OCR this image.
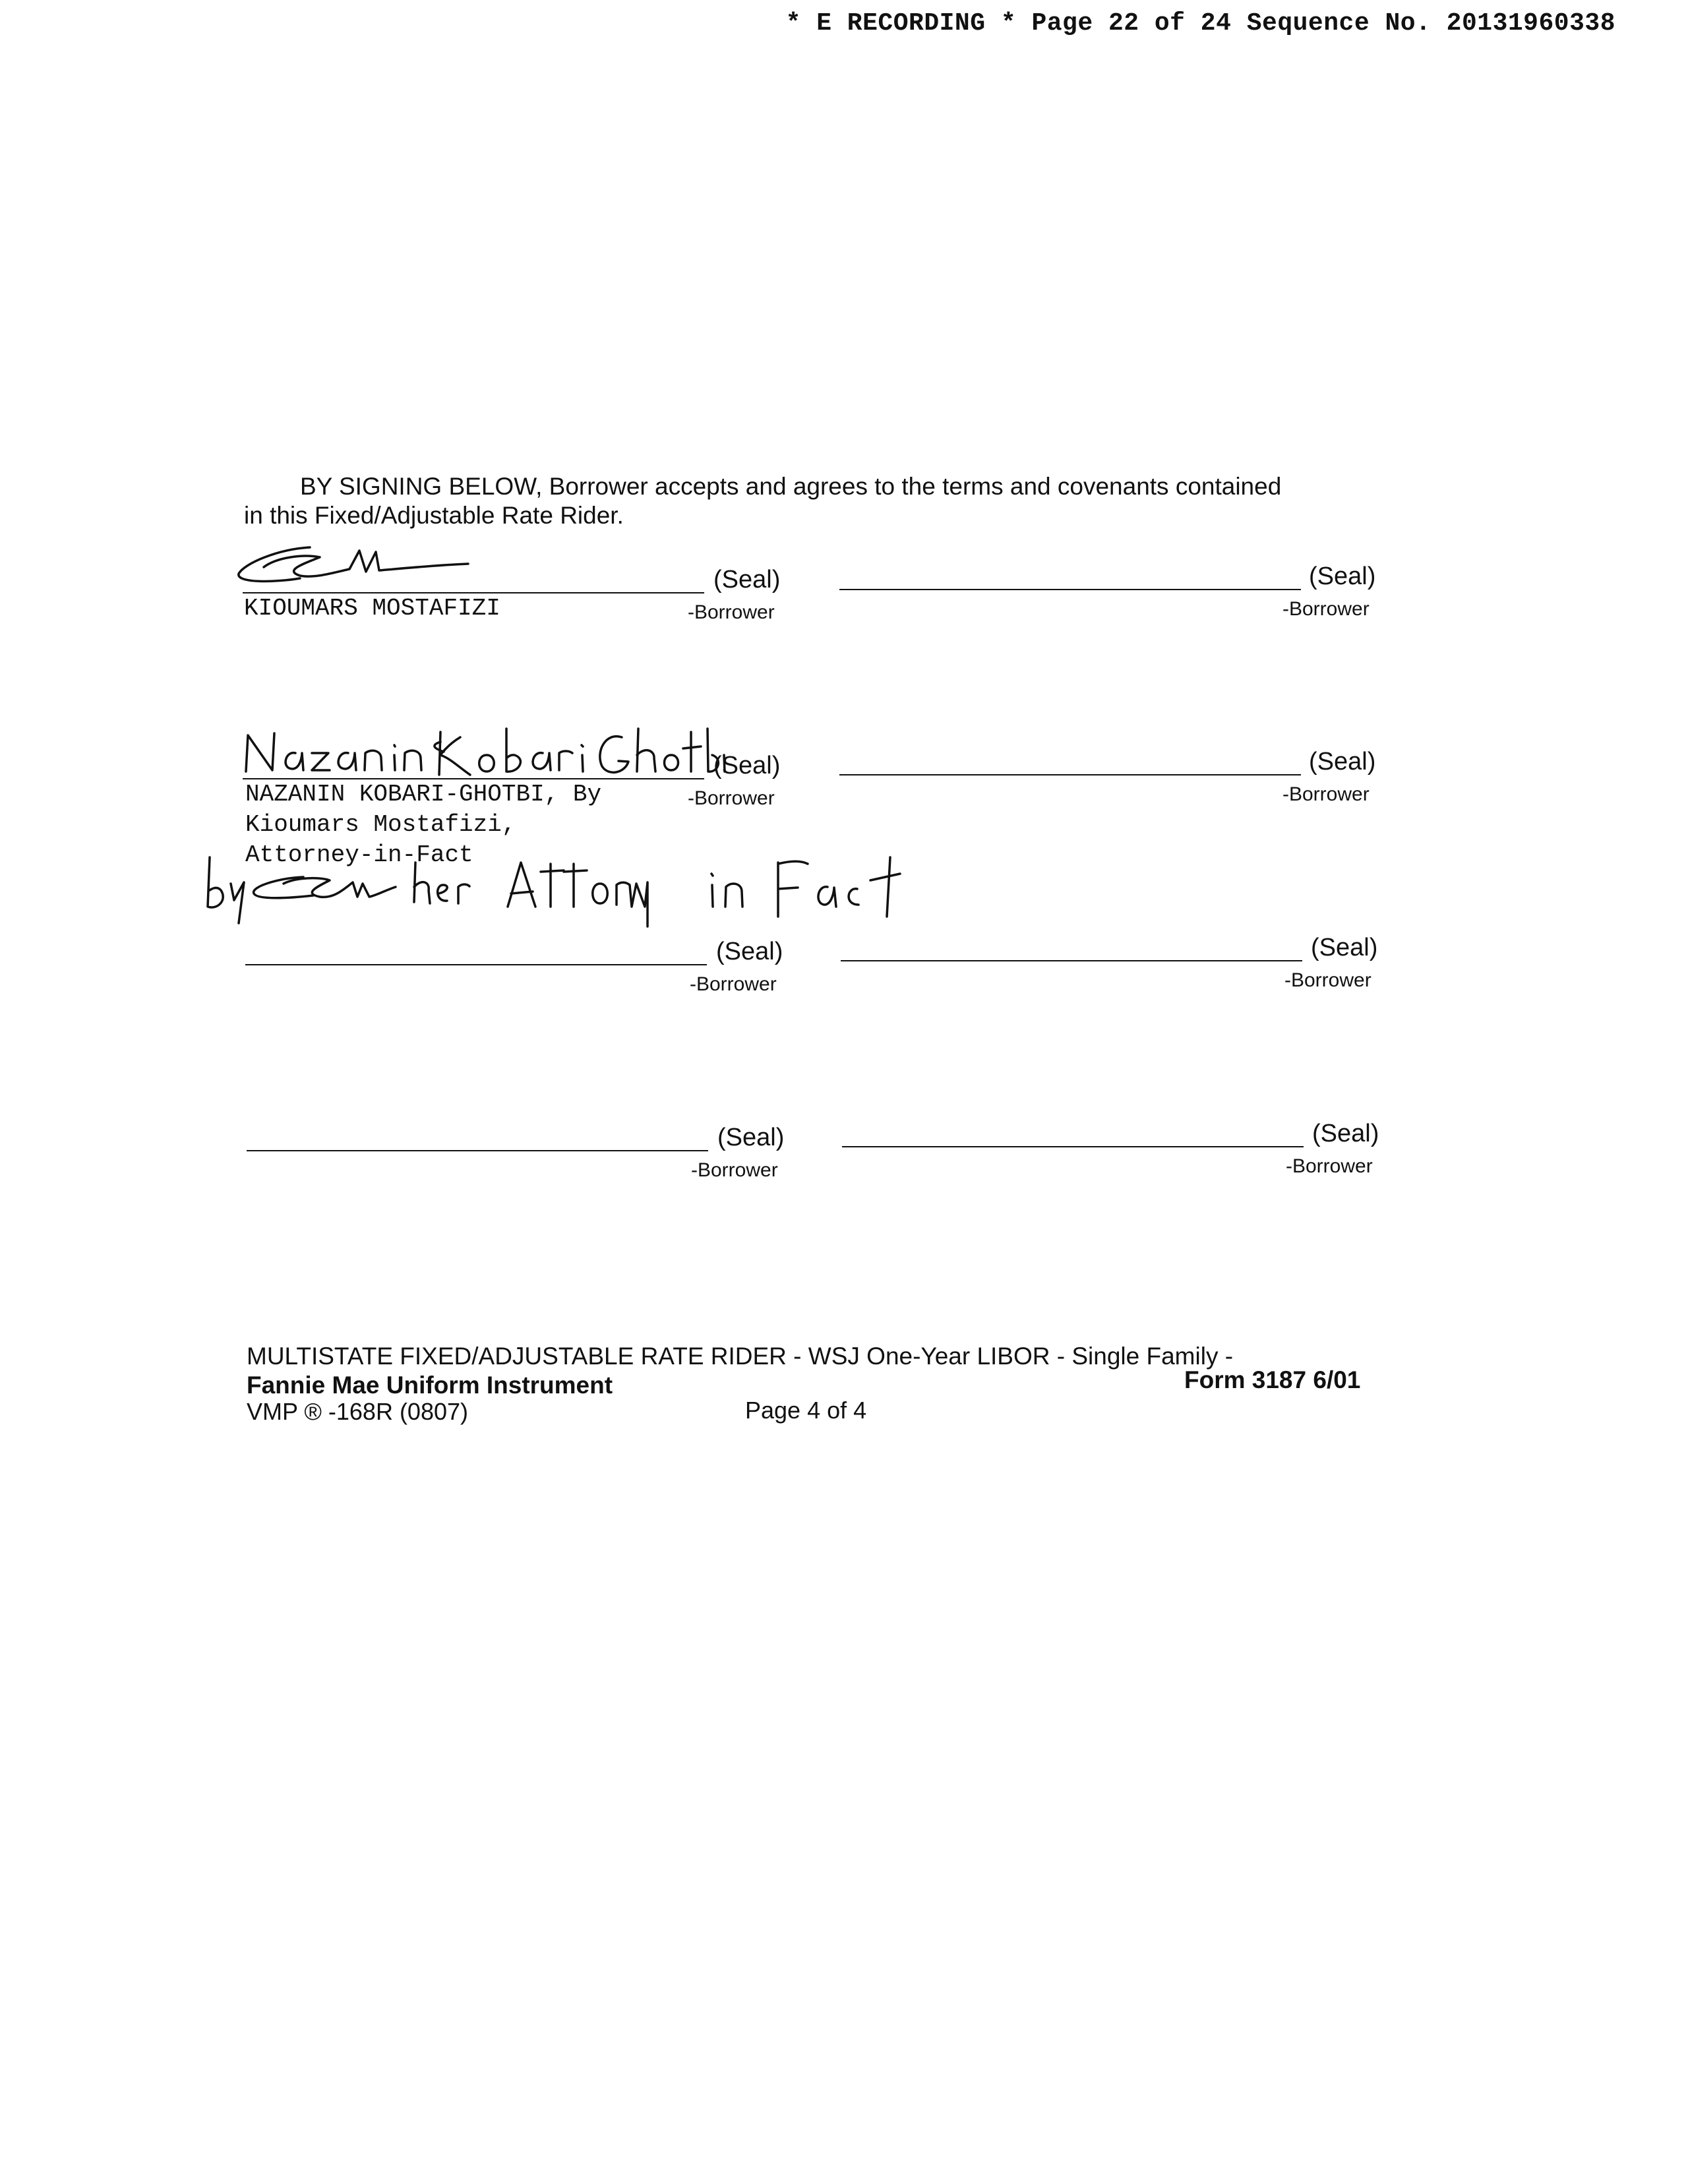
* E RECORDING * Page 22 of 24 Sequence No. 20131960338
BY SIGNING BELOW, Borrower accepts and agrees to the terms and covenants contained
in this Fixed/Adjustable Rate Rider.
(Seal)
KIOUMARS MOSTAFIZI	-Borrower
(Seal)
-Borrower
(Seal)
NAZANIN KOBARI-GHOTBI, By
Kioumars Mostafizi,
Attorney-in-Fact
-Borrower
(Seal)
-Borrower
(Seal)
-Borrower
(Seal)
-Borrower
(Seal)
-Borrower
(Seal)
-Borrower
MULTISTATE FIXED/ADJUSTABLE RATE RIDER - WSJ One-Year LIBOR - Single Family -
Fannie Mae Uniform Instrument	Form 3187 6/01
VMP ® -168R (0807)	Page 4 of 4
